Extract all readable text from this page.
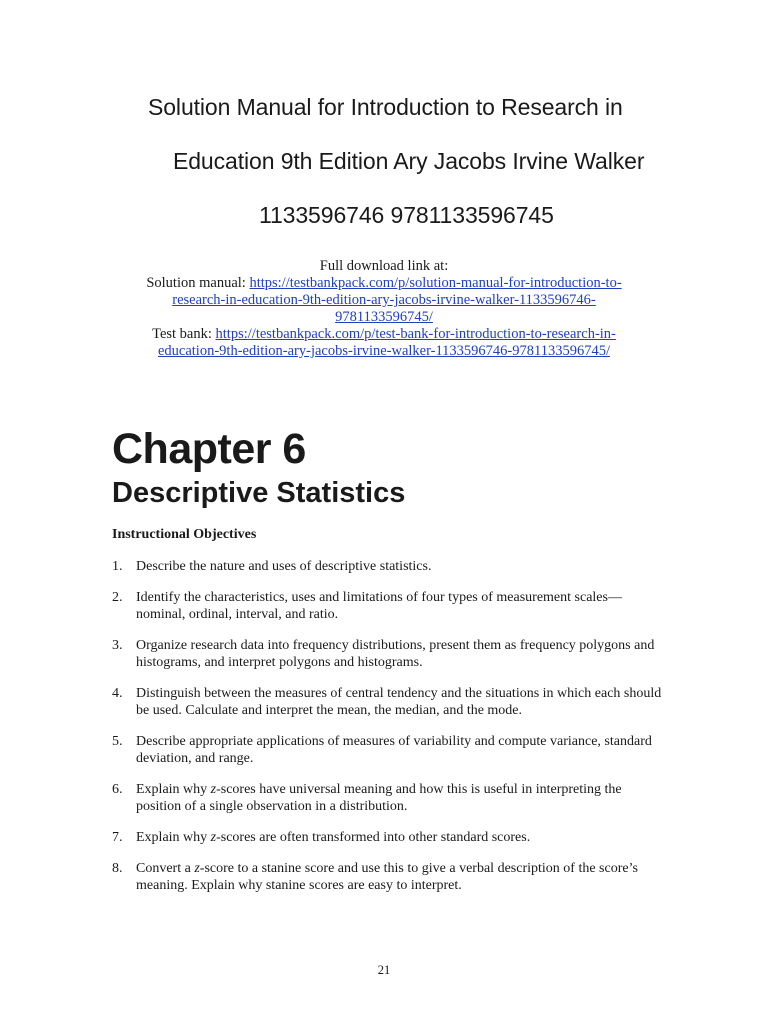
Solution Manual for Introduction to Research in
Education 9th Edition Ary Jacobs Irvine Walker
1133596746 9781133596745
Full download link at:
Solution manual: https://testbankpack.com/p/solution-manual-for-introduction-to-
research-in-education-9th-edition-ary-jacobs-irvine-walker-1133596746-
9781133596745/
Test bank: https://testbankpack.com/p/test-bank-for-introduction-to-research-in-
education-9th-edition-ary-jacobs-irvine-walker-1133596746-9781133596745/
Chapter 6
Descriptive Statistics
Instructional Objectives
1. Describe the nature and uses of descriptive statistics.
2. Identify the characteristics, uses and limitations of four types of measurement scales—
nominal, ordinal, interval, and ratio.
3. Organize research data into frequency distributions, present them as frequency polygons and
histograms, and interpret polygons and histograms.
4. Distinguish between the measures of central tendency and the situations in which each should
be used. Calculate and interpret the mean, the median, and the mode.
5. Describe appropriate applications of measures of variability and compute variance, standard
deviation, and range.
6. Explain why z-scores have universal meaning and how this is useful in interpreting the
position of a single observation in a distribution.
7. Explain why z-scores are often transformed into other standard scores.
8. Convert a z-score to a stanine score and use this to give a verbal description of the score’s
meaning. Explain why stanine scores are easy to interpret.
21
